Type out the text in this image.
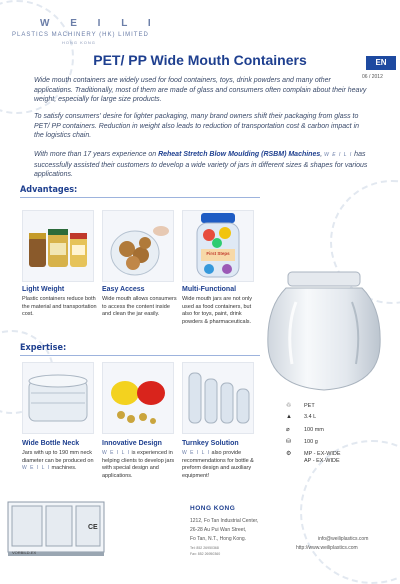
W E I L I
PLASTICS MACHINERY (HK) LIMITED
HONG KONG
PET/ PP Wide Mouth Containers	EN
06 / 2012
Wide mouth containers are widely used for food containers, toys, drink powders and many other applications. Traditionally, most of them are made of glass and consumers often complain about their heavy weight, especially for large size products.
To satisfy consumers' desire for lighter packaging, many brand owners shift their packaging from glass to PET/ PP containers. Reduction in weight also leads to reduction of transportation cost & carbon impact in the logistics chain.
With more than 17 years experience on Reheat Stretch Blow Moulding (RSBM) Machines, W E I L I has successfully assisted their customers to develop a wide variety of jars in different sizes & shapes for various applications.
Advantages:
First Steps
Light Weight
Plastic containers reduce both the material and transportation cost.
Easy Access
Wide mouth allows consumers to access the content inside and clean the jar easily.
Multi-Functional
Wide mouth jars are not only used as food containers, but also for toys, paint, drink powders & pharmaceuticals.
Expertise:
Wide Bottle Neck
Jars with up to 190 mm neck diameter can be produced on W E I L I machines.
Innovative Design
W E I L I is experienced in helping clients to develop jars with special design and applications.
Turnkey Solution
W E I L I also provide recommendations for bottle & preform design and auxiliary equipment!
♲	PET
▲	3.4 L
⌀	100 mm
⛁	100 g
⚙	MP - EX-WIDE
AP - EX-WIDE
VORBILD-EX
CE
HONG KONG
1212, Fo Tan Industrial Center,
26-28 Au Pui Wan Street,
Fo Tan, N.T., Hong Kong.
Tel: 852 26950368
Fax: 852 26950360
info@weiliplastics.com
http://www.weiliplastics.com
